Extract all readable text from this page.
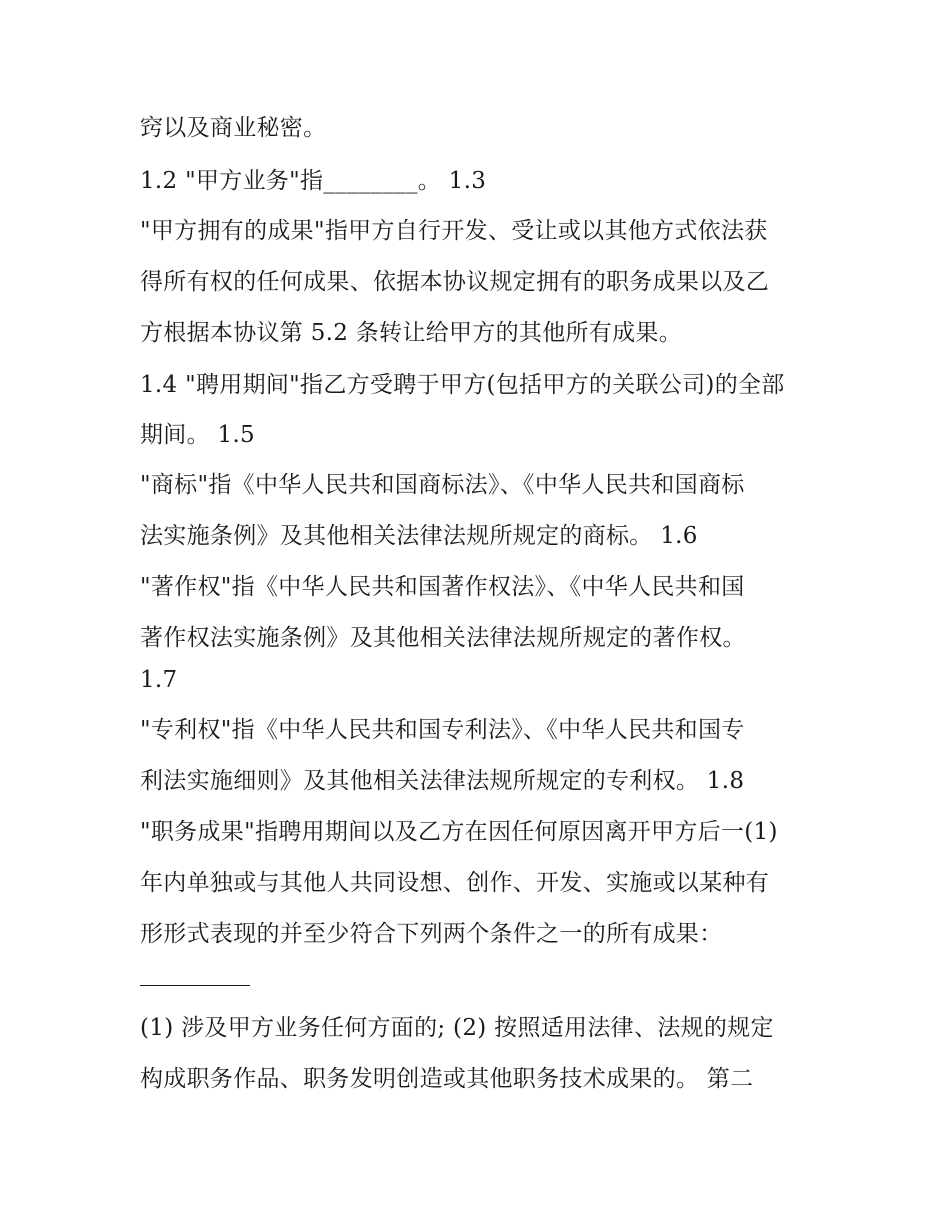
窍以及商业秘密。
1.2 "甲方业务"指________。 1.3
"甲方拥有的成果"指甲方自行开发、受让或以其他方式依法获
得所有权的任何成果、依据本协议规定拥有的职务成果以及乙
方根据本协议第 5.2 条转让给甲方的其他所有成果。
1.4 "聘用期间"指乙方受聘于甲方(包括甲方的关联公司)的全部
期间。 1.5
"商标"指《中华人民共和国商标法》、《中华人民共和国商标
法实施条例》及其他相关法律法规所规定的商标。 1.6
"著作权"指《中华人民共和国著作权法》、《中华人民共和国
著作权法实施条例》及其他相关法律法规所规定的著作权。
1.7
"专利权"指《中华人民共和国专利法》、《中华人民共和国专
利法实施细则》及其他相关法律法规所规定的专利权。 1.8
"职务成果"指聘用期间以及乙方在因任何原因离开甲方后一(1)
年内单独或与其他人共同设想、创作、开发、实施或以某种有
形形式表现的并至少符合下列两个条件之一的所有成果：
(1) 涉及甲方业务任何方面的; (2) 按照适用法律、法规的规定
构成职务作品、职务发明创造或其他职务技术成果的。 第二
